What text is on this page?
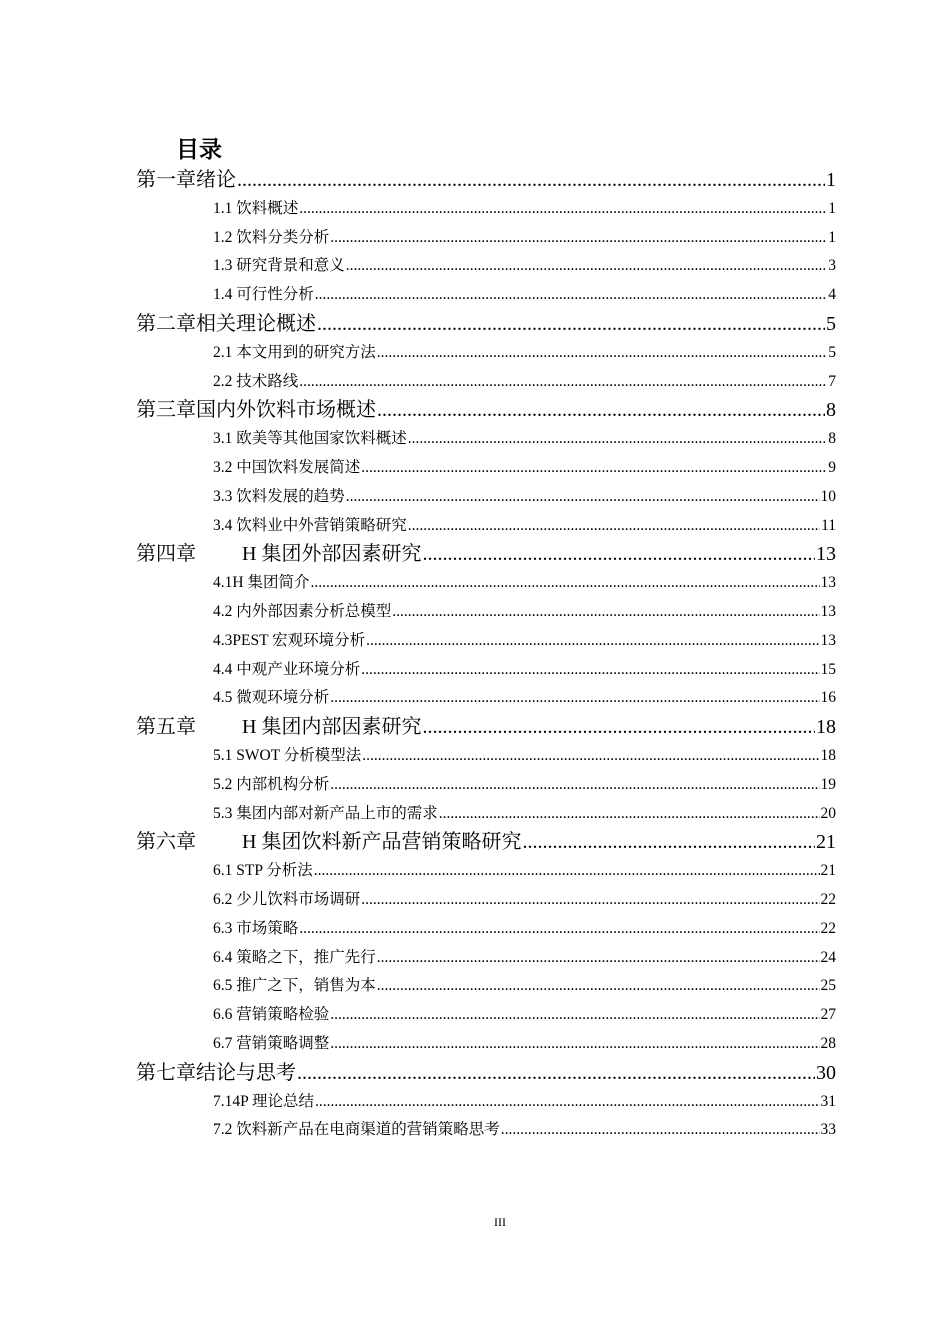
目录
第一章绪论 .....	1
1.1 饮料概述 .....	1
1.2 饮料分类分析 .....	1
1.3 研究背景和意义 .....	3
1.4 可行性分析 .....	4
第二章相关理论概述 .....	5
2.1 本文用到的研究方法 .....	5
2.2 技术路线 .....	7
第三章国内外饮料市场概述 .....	8
3.1 欧美等其他国家饮料概述 .....	8
3.2 中国饮料发展简述 .....	9
3.3 饮料发展的趋势 .....	10
3.4 饮料业中外营销策略研究 .....	11
第四章 H 集团外部因素研究 .....	13
4.1H 集团简介 .....	13
4.2 内外部因素分析总模型 .....	13
4.3PEST 宏观环境分析 .....	13
4.4 中观产业环境分析 .....	15
4.5 微观环境分析 .....	16
第五章 H 集团内部因素研究 .....	18
5.1 SWOT 分析模型法 .....	18
5.2 内部机构分析 .....	19
5.3 集团内部对新产品上市的需求 .....	20
第六章 H 集团饮料新产品营销策略研究 .....	21
6.1 STP 分析法 .....	21
6.2 少儿饮料市场调研 .....	22
6.3 市场策略 .....	22
6.4 策略之下，推广先行 .....	24
6.5 推广之下，销售为本 .....	25
6.6 营销策略检验 .....	27
6.7 营销策略调整 .....	28
第七章结论与思考 .....	30
7.14P 理论总结 .....	31
7.2 饮料新产品在电商渠道的营销策略思考 .....	33
III
